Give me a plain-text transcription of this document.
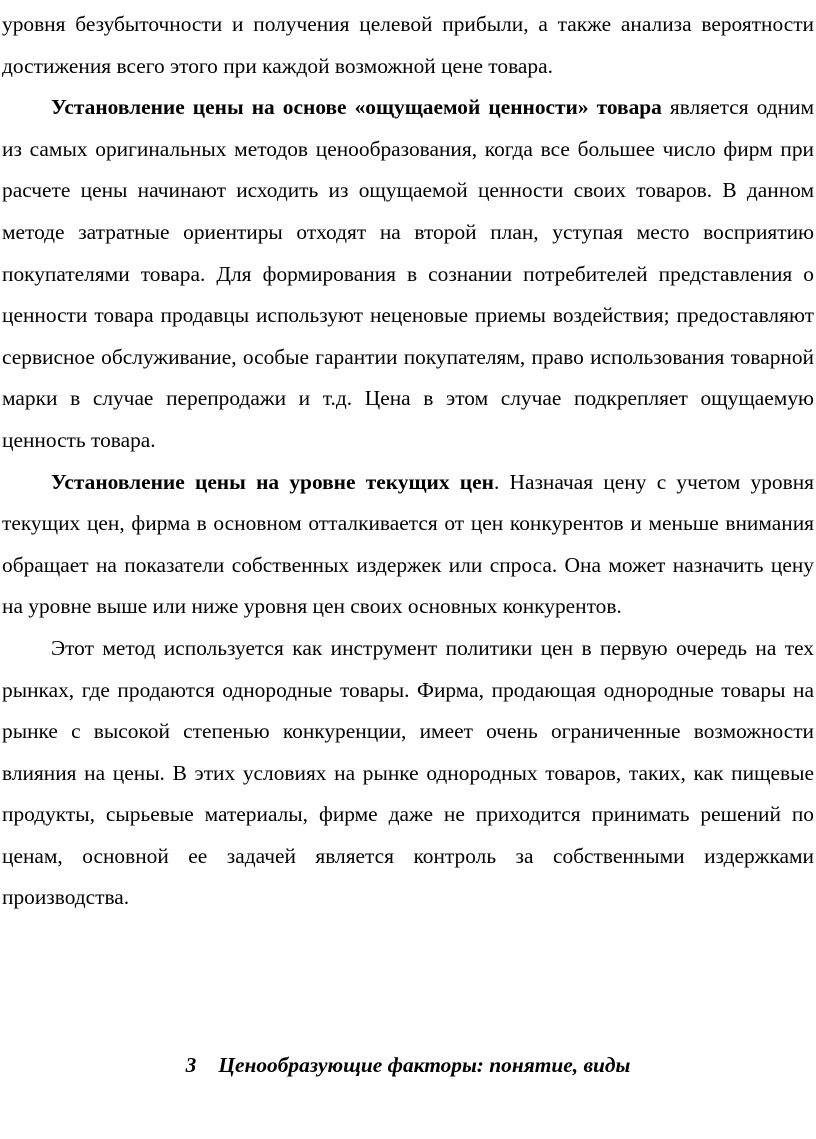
уровня безубыточности и получения целевой прибыли, а также анализа вероятности достижения всего этого при каждой возможной цене товара.

Установление цены на основе «ощущаемой ценности» товара является одним из самых оригинальных методов ценообразования, когда все большее число фирм при расчете цены начинают исходить из ощущаемой ценности своих товаров. В данном методе затратные ориентиры отходят на второй план, уступая место восприятию покупателями товара. Для формирования в сознании потребителей представления о ценности товара продавцы используют неценовые приемы воздействия; предоставляют сервисное обслуживание, особые гарантии покупателям, право использования товарной марки в случае перепродажи и т.д. Цена в этом случае подкрепляет ощущаемую ценность товара.

Установление цены на уровне текущих цен. Назначая цену с учетом уровня текущих цен, фирма в основном отталкивается от цен конкурентов и меньше внимания обращает на показатели собственных издержек или спроса. Она может назначить цену на уровне выше или ниже уровня цен своих основных конкурентов.

Этот метод используется как инструмент политики цен в первую очередь на тех рынках, где продаются однородные товары. Фирма, продающая однородные товары на рынке с высокой степенью конкуренции, имеет очень ограниченные возможности влияния на цены. В этих условиях на рынке однородных товаров, таких, как пищевые продукты, сырьевые материалы, фирме даже не приходится принимать решений по ценам, основной ее задачей является контроль за собственными издержками производства.

3 Ценообразующие факторы: понятие, виды
